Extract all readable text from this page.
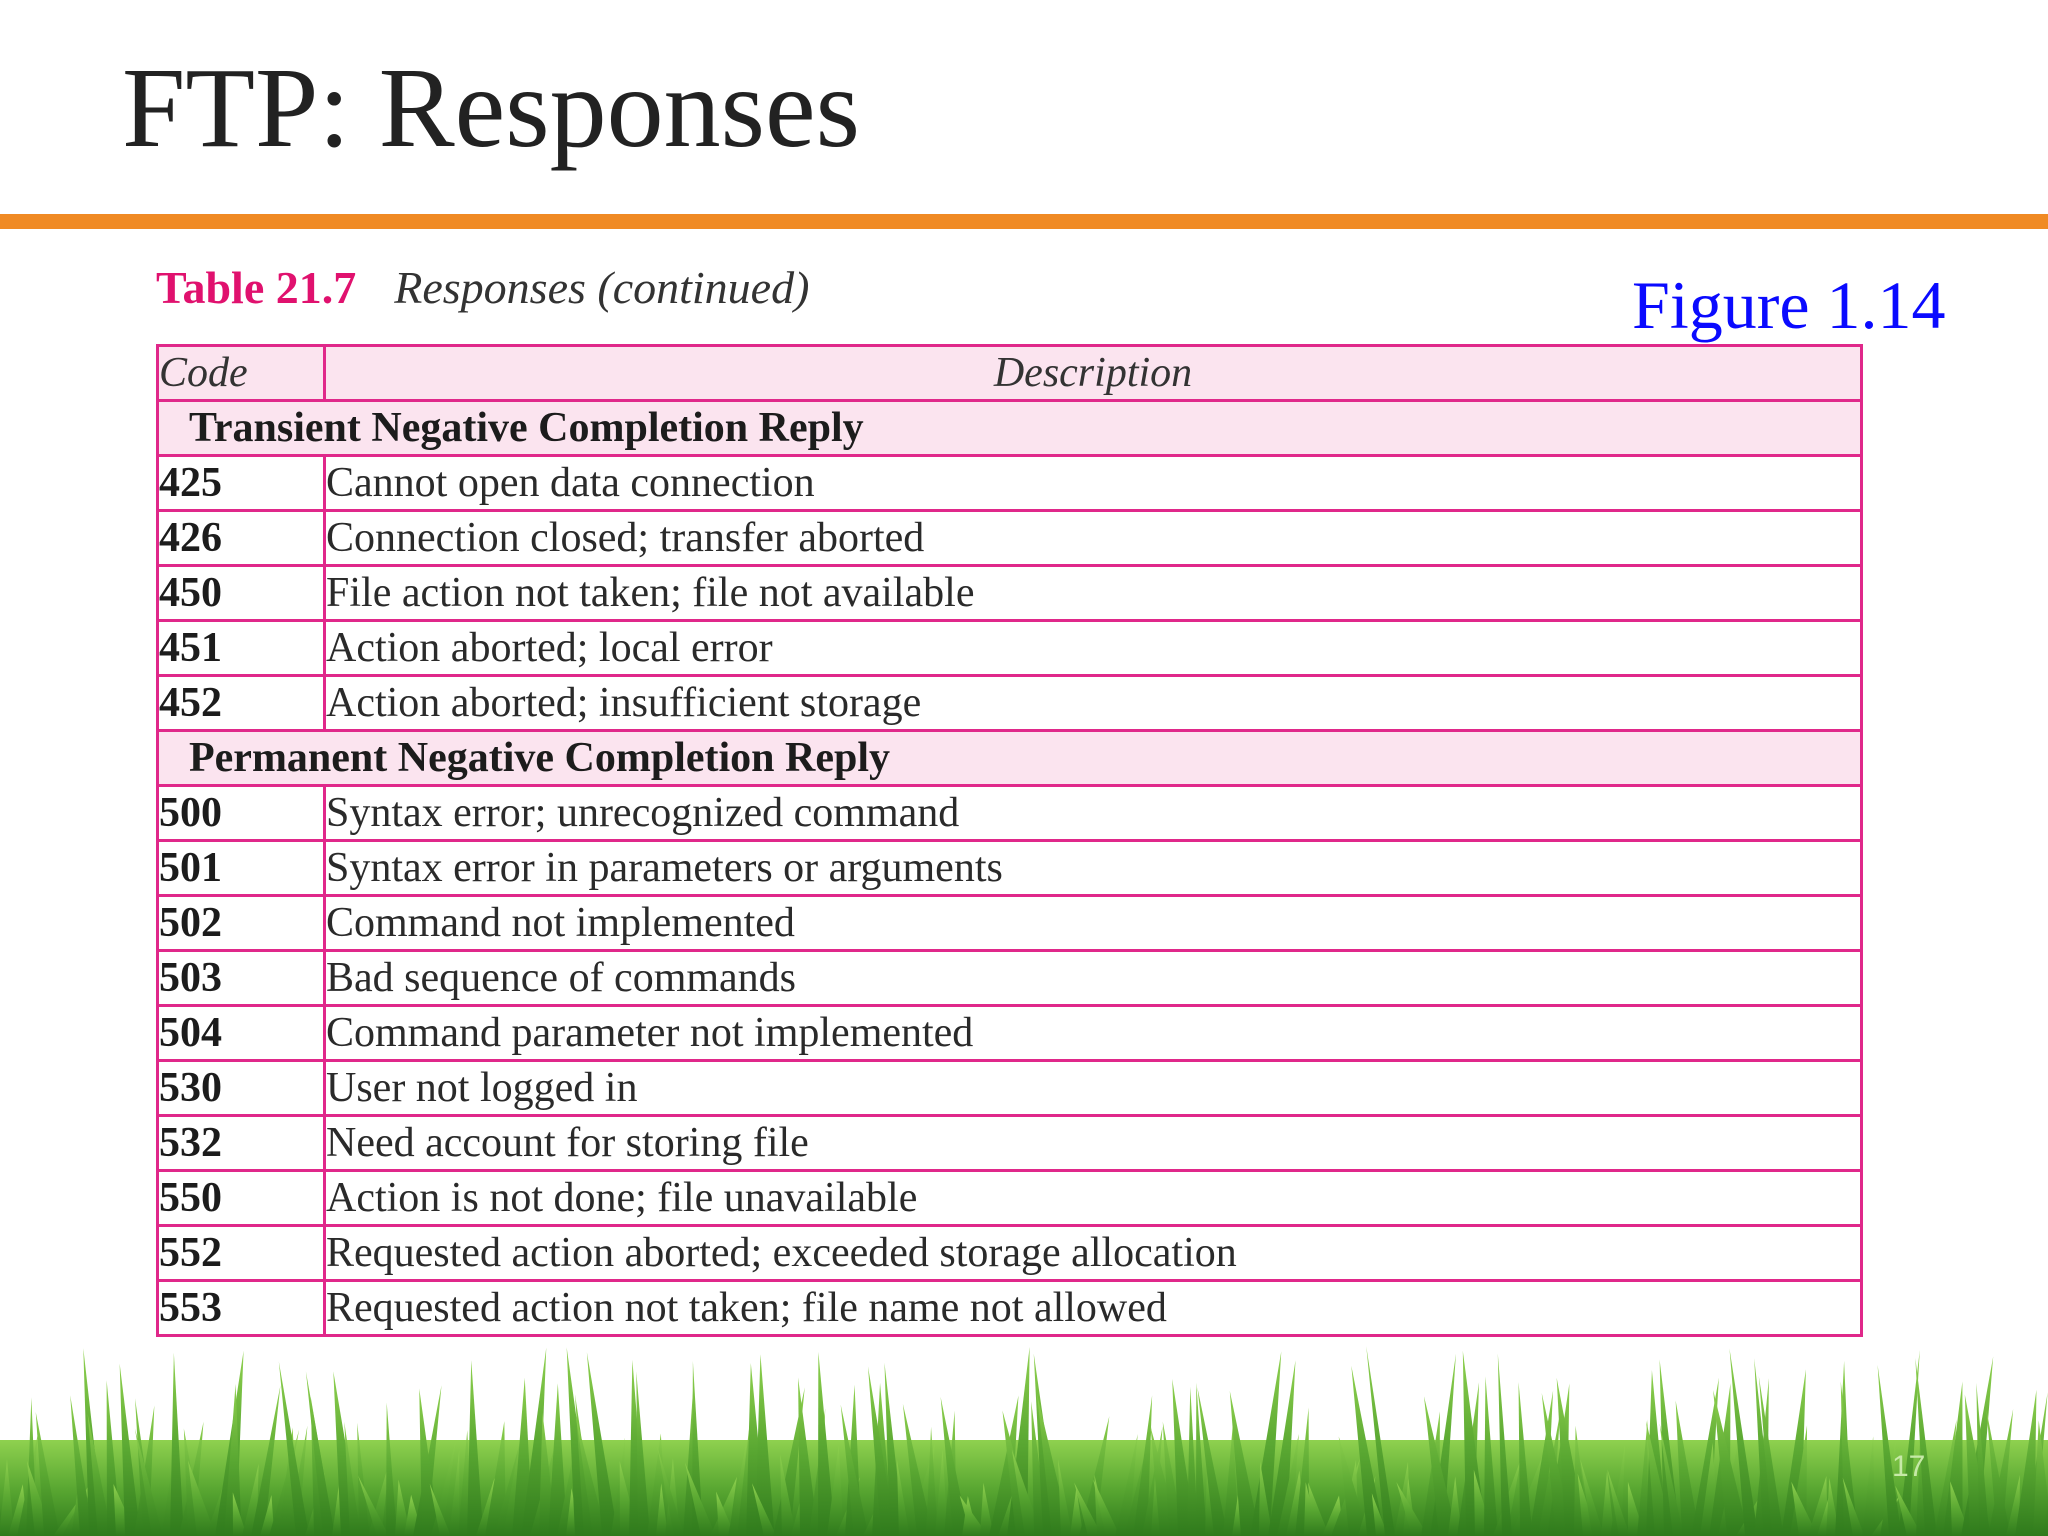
FTP: Responses
Table 21.7 Responses (continued)	Figure 1.14
Code	Description
Transient Negative Completion Reply	
425	Cannot open data connection
426	Connection closed; transfer aborted
450	File action not taken; file not available
451	Action aborted; local error
452	Action aborted; insufficient storage
Permanent Negative Completion Reply	
500	Syntax error; unrecognized command
501	Syntax error in parameters or arguments
502	Command not implemented
503	Bad sequence of commands
504	Command parameter not implemented
530	User not logged in
532	Need account for storing file
550	Action is not done; file unavailable
552	Requested action aborted; exceeded storage allocation
553	Requested action not taken; file name not allowed
17
